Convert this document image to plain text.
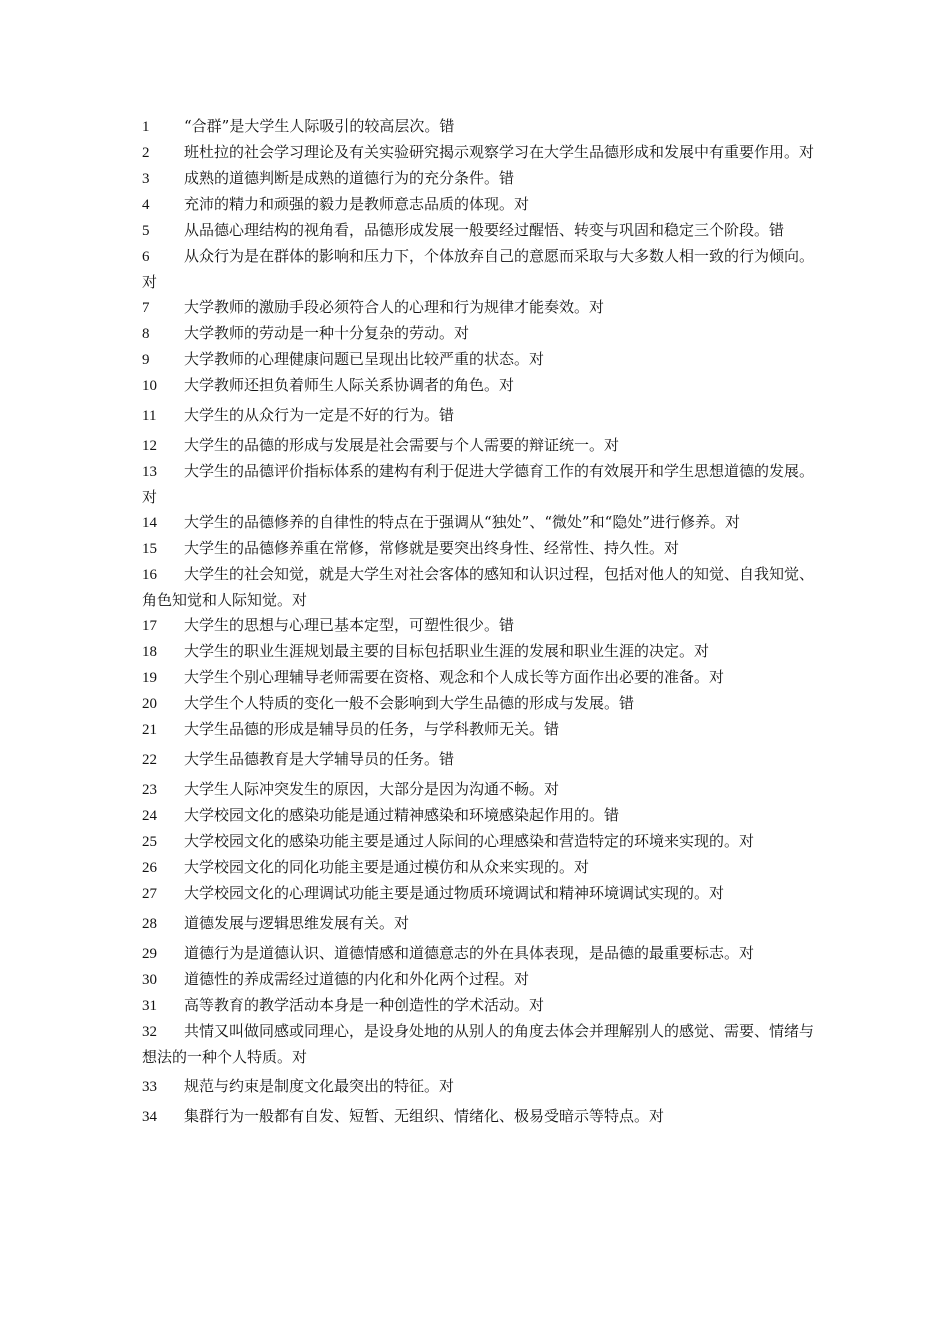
1 “合群”是大学生人际吸引的较高层次。错

2 班杜拉的社会学习理论及有关实验研究揭示观察学习在大学生品德形成和发展中有重要作用。对

3 成熟的道德判断是成熟的道德行为的充分条件。错

4 充沛的精力和顽强的毅力是教师意志品质的体现。对

5 从品德心理结构的视角看，品德形成发展一般要经过醒悟、转变与巩固和稳定三个阶段。错

6 从众行为是在群体的影响和压力下，个体放弃自己的意愿而采取与大多数人相一致的行为倾向。对

7 大学教师的激励手段必须符合人的心理和行为规律才能奏效。对

8 大学教师的劳动是一种十分复杂的劳动。对

9 大学教师的心理健康问题已呈现出比较严重的状态。对

10 大学教师还担负着师生人际关系协调者的角色。对

11 大学生的从众行为一定是不好的行为。错

12 大学生的品德的形成与发展是社会需要与个人需要的辩证统一。对

13 大学生的品德评价指标体系的建构有利于促进大学德育工作的有效展开和学生思想道德的发展。对

14 大学生的品德修养的自律性的特点在于强调从“独处”、“微处”和“隐处”进行修养。对

15 大学生的品德修养重在常修，常修就是要突出终身性、经常性、持久性。对

16 大学生的社会知觉，就是大学生对社会客体的感知和认识过程，包括对他人的知觉、自我知觉、角色知觉和人际知觉。对

17 大学生的思想与心理已基本定型，可塑性很少。错

18 大学生的职业生涯规划最主要的目标包括职业生涯的发展和职业生涯的决定。对

19 大学生个别心理辅导老师需要在资格、观念和个人成长等方面作出必要的准备。对

20 大学生个人特质的变化一般不会影响到大学生品德的形成与发展。错

21 大学生品德的形成是辅导员的任务，与学科教师无关。错

22 大学生品德教育是大学辅导员的任务。错

23 大学生人际冲突发生的原因，大部分是因为沟通不畅。对

24 大学校园文化的感染功能是通过精神感染和环境感染起作用的。错

25 大学校园文化的感染功能主要是通过人际间的心理感染和营造特定的环境来实现的。对

26 大学校园文化的同化功能主要是通过模仿和从众来实现的。对

27 大学校园文化的心理调试功能主要是通过物质环境调试和精神环境调试实现的。对

28 道德发展与逻辑思维发展有关。对

29 道德行为是道德认识、道德情感和道德意志的外在具体表现，是品德的最重要标志。对

30 道德性的养成需经过道德的内化和外化两个过程。对

31 高等教育的教学活动本身是一种创造性的学术活动。对

32 共情又叫做同感或同理心，是设身处地的从别人的角度去体会并理解别人的感觉、需要、情绪与想法的一种个人特质。对

33 规范与约束是制度文化最突出的特征。对

34 集群行为一般都有自发、短暂、无组织、情绪化、极易受暗示等特点。对
